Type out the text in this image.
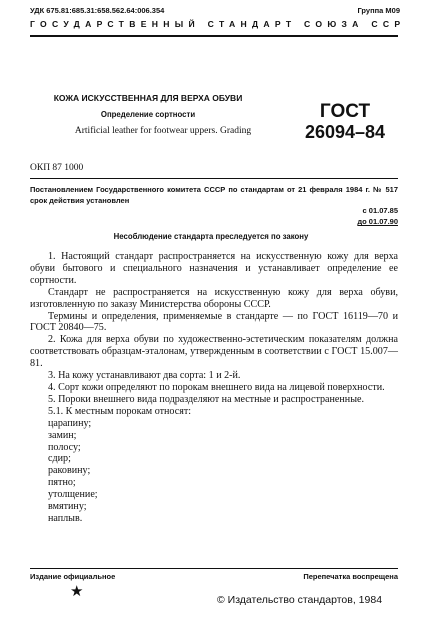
УДК 675.81:685.31:658.562.64:006.354	Группа М09
ГОСУДАРСТВЕННЫЙ СТАНДАРТ СОЮЗА ССР
КОЖА ИСКУССТВЕННАЯ ДЛЯ ВЕРХА ОБУВИ
Определение сортности
Artificial leather for footwear uppers. Grading
ГОСТ
26094–84
ОКП 87 1000
Постановлением Государственного комитета СССР по стандартам от 21 февраля 1984 г. № 517 срок действия установлен
с 01.07.85
до 01.07.90
Несоблюдение стандарта преследуется по закону

1. Настоящий стандарт распространяется на искусственную кожу для верха обуви бытового и специального назначения и устанавливает определение ее сортности.

Стандарт не распространяется на искусственную кожу для верха обуви, изготовленную по заказу Министерства обороны СССР.

Термины и определения, применяемые в стандарте — по ГОСТ 16119—70 и ГОСТ 20840—75.

2. Кожа для верха обуви по художественно-эстетическим показателям должна соответствовать образцам-эталонам, утвержденным в соответствии с ГОСТ 15.007—81.

3. На кожу устанавливают два сорта: 1 и 2-й.

4. Сорт кожи определяют по порокам внешнего вида на лицевой поверхности.

5. Пороки внешнего вида подразделяют на местные и распространенные.

5.1. К местным порокам относят:

царапину;

замин;

полосу;

сдир;

раковину;

пятно;

утолщение;

вмятину;

наплыв.

Издание официальное	Перепечатка воспрещена
★	© Издательство стандартов, 1984
